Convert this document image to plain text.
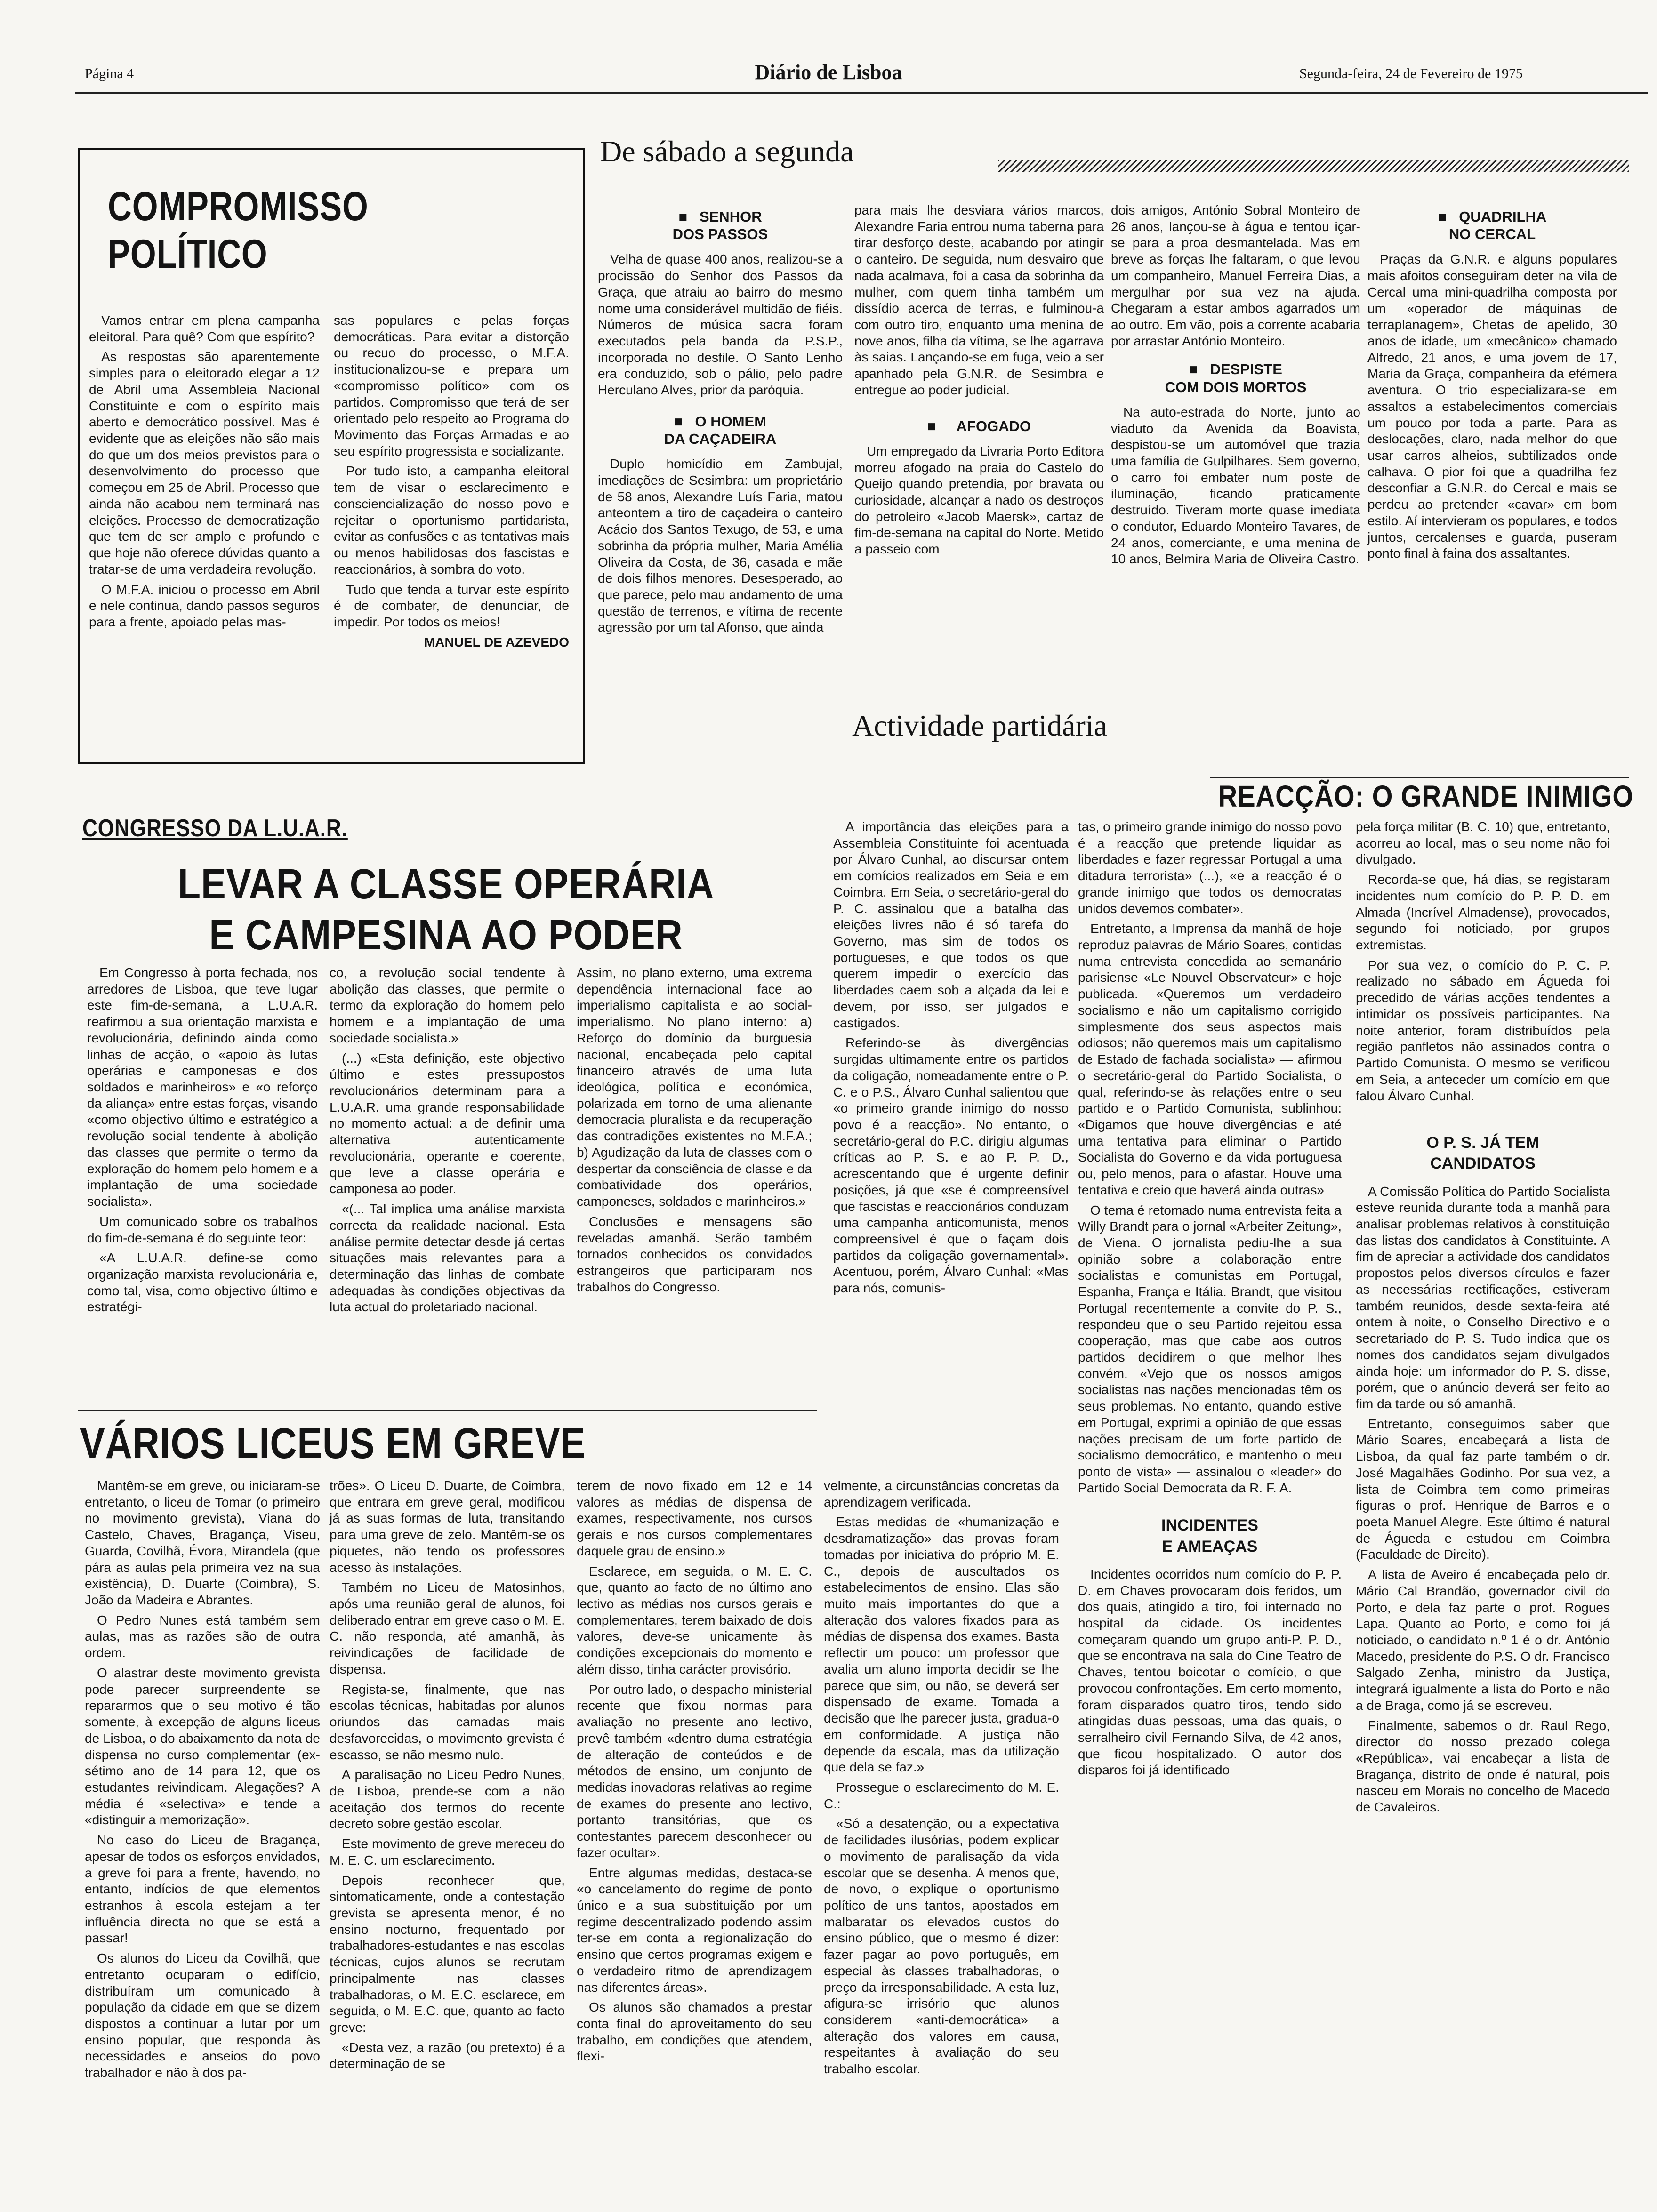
Página 4	Diário de Lisboa	Segunda-feira, 24 de Fevereiro de 1975
COMPROMISSO
POLÍTICO

Vamos entrar em plena campanha eleitoral. Para quê? Com que espírito?

As respostas são aparentemente simples para o eleitorado elegar a 12 de Abril uma Assembleia Nacional Constituinte e com o espírito mais aberto e democrático possível. Mas é evidente que as eleições não são mais do que um dos meios previstos para o desenvolvimento do processo que começou em 25 de Abril. Processo que ainda não acabou nem terminará nas eleições. Processo de democratização que tem de ser amplo e profundo e que hoje não oferece dúvidas quanto a tratar-se de uma verdadeira revolução.

O M.F.A. iniciou o processo em Abril e nele continua, dando passos seguros para a frente, apoiado pelas mas-

sas populares e pelas forças democráticas. Para evitar a distorção ou recuo do processo, o M.F.A. institucionalizou-se e prepara um «compromisso político» com os partidos. Compromisso que terá de ser orientado pelo respeito ao Programa do Movimento das Forças Armadas e ao seu espírito progressista e socializante.

Por tudo isto, a campanha eleitoral tem de visar o esclarecimento e consciencialização do nosso povo e rejeitar o oportunismo partidarista, evitar as confusões e as tentativas mais ou menos habilidosas dos fascistas e reaccionários, à sombra do voto.

Tudo que tenda a turvar este espírito é de combater, de denunciar, de impedir. Por todos os meios!

MANUEL DE AZEVEDO
De sábado a segunda
■   SENHOR
DOS PASSOS

Velha de quase 400 anos, realizou-se a procissão do Senhor dos Passos da Graça, que atraiu ao bairro do mesmo nome uma considerável multidão de fiéis. Números de música sacra foram executados pela banda da P.S.P., incorporada no desfile. O Santo Lenho era conduzido, sob o pálio, pelo padre Herculano Alves, prior da paróquia.

■   O HOMEM
DA CAÇADEIRA

Duplo homicídio em Zambujal, imediações de Sesimbra: um proprietário de 58 anos, Alexandre Luís Faria, matou anteontem a tiro de caçadeira o canteiro Acácio dos Santos Texugo, de 53, e uma sobrinha da própria mulher, Maria Amélia Oliveira da Costa, de 36, casada e mãe de dois filhos menores. Desesperado, ao que parece, pelo mau andamento de uma questão de terrenos, e vítima de recente agressão por um tal Afonso, que ainda

para mais lhe desviara vários marcos, Alexandre Faria entrou numa taberna para tirar desforço deste, acabando por atingir o canteiro. De seguida, num desvairo que nada acalmava, foi a casa da sobrinha da mulher, com quem tinha também um dissídio acerca de terras, e fulminou-a com outro tiro, enquanto uma menina de nove anos, filha da vítima, se lhe agarrava às saias. Lançando-se em fuga, veio a ser apanhado pela G.N.R. de Sesimbra e entregue ao poder judicial.

■     AFOGADO

Um empregado da Livraria Porto Editora morreu afogado na praia do Castelo do Queijo quando pretendia, por bravata ou curiosidade, alcançar a nado os destroços do petroleiro «Jacob Maersk», cartaz de fim-de-semana na capital do Norte. Metido a passeio com

dois amigos, António Sobral Monteiro de 26 anos, lançou-se à água e tentou içar-se para a proa desmantelada. Mas em breve as forças lhe faltaram, o que levou um companheiro, Manuel Ferreira Dias, a mergulhar por sua vez na ajuda. Chegaram a estar ambos agarrados um ao outro. Em vão, pois a corrente acabaria por arrastar António Monteiro.

■   DESPISTE
COM DOIS MORTOS

Na auto-estrada do Norte, junto ao viaduto da Avenida da Boavista, despistou-se um automóvel que trazia uma família de Gulpilhares. Sem governo, o carro foi embater num poste de iluminação, ficando praticamente destruído. Tiveram morte quase imediata o condutor, Eduardo Monteiro Tavares, de 24 anos, comerciante, e uma menina de 10 anos, Belmira Maria de Oliveira Castro.

■   QUADRILHA
NO CERCAL

Praças da G.N.R. e alguns populares mais afoitos conseguiram deter na vila de Cercal uma mini-quadrilha composta por um «operador de máquinas de terraplanagem», Chetas de apelido, 30 anos de idade, um «mecânico» chamado Alfredo, 21 anos, e uma jovem de 17, Maria da Graça, companheira da efémera aventura. O trio especializara-se em assaltos a estabelecimentos comerciais um pouco por toda a parte. Para as deslocações, claro, nada melhor do que usar carros alheios, subtilizados onde calhava. O pior foi que a quadrilha fez desconfiar a G.N.R. do Cercal e mais se perdeu ao pretender «cavar» em bom estilo. Aí intervieram os populares, e todos juntos, cercalenses e guarda, puseram ponto final à faina dos assaltantes.

CONGRESSO DA L.U.A.R.
LEVAR A CLASSE OPERÁRIA
E CAMPESINA AO PODER

Em Congresso à porta fechada, nos arredores de Lisboa, que teve lugar este fim-de-semana, a L.U.A.R. reafirmou a sua orientação marxista e revolucionária, definindo ainda como linhas de acção, o «apoio às lutas operárias e camponesas e dos soldados e marinheiros» e «o reforço da aliança» entre estas forças, visando «como objectivo último e estratégico a revolução social tendente à abolição das classes que permite o termo da exploração do homem pelo homem e a implantação de uma sociedade socialista».

Um comunicado sobre os trabalhos do fim-de-semana é do seguinte teor:

«A L.U.A.R. define-se como organização marxista revolucionária e, como tal, visa, como objectivo último e estratégi-

co, a revolução social tendente à abolição das classes, que permite o termo da exploração do homem pelo homem e a implantação de uma sociedade socialista.»

(...) «Esta definição, este objectivo último e estes pressupostos revolucionários determinam para a L.U.A.R. uma grande responsabilidade no momento actual: a de definir uma alternativa autenticamente revolucionária, operante e coerente, que leve a classe operária e camponesa ao poder.

«(... Tal implica uma análise marxista correcta da realidade nacional. Esta análise permite detectar desde já certas situações mais relevantes para a determinação das linhas de combate adequadas às condições objectivas da luta actual do proletariado nacional.

Assim, no plano externo, uma extrema dependência internacional face ao imperialismo capitalista e ao social-imperialismo. No plano interno: a) Reforço do domínio da burguesia nacional, encabeçada pelo capital financeiro através de uma luta ideológica, política e económica, polarizada em torno de uma alienante democracia pluralista e da recuperação das contradições existentes no M.F.A.; b) Agudização da luta de classes com o despertar da consciência de classe e da combatividade dos operários, camponeses, soldados e marinheiros.»

Conclusões e mensagens são reveladas amanhã. Serão também tornados conhecidos os convidados estrangeiros que participaram nos trabalhos do Congresso.

VÁRIOS LICEUS EM GREVE

Mantêm-se em greve, ou iniciaram-se entretanto, o liceu de Tomar (o primeiro no movimento grevista), Viana do Castelo, Chaves, Bragança, Viseu, Guarda, Covilhã, Évora, Mirandela (que pára as aulas pela primeira vez na sua existência), D. Duarte (Coimbra), S. João da Madeira e Abrantes.

O Pedro Nunes está também sem aulas, mas as razões são de outra ordem.

O alastrar deste movimento grevista pode parecer surpreendente se repararmos que o seu motivo é tão somente, à excepção de alguns liceus de Lisboa, o do abaixamento da nota de dispensa no curso complementar (ex-sétimo ano de 14 para 12, que os estudantes reivindicam. Alegações? A média é «selectiva» e tende a «distinguir a memorização».

No caso do Liceu de Bragança, apesar de todos os esforços envidados, a greve foi para a frente, havendo, no entanto, indícios de que elementos estranhos à escola estejam a ter influência directa no que se está a passar!

Os alunos do Liceu da Covilhã, que entretanto ocuparam o edifício, distribuíram um comunicado à população da cidade em que se dizem dispostos a continuar a lutar por um ensino popular, que responda às necessidades e anseios do povo trabalhador e não à dos pa-

trões». O Liceu D. Duarte, de Coimbra, que entrara em greve geral, modificou já as suas formas de luta, transitando para uma greve de zelo. Mantêm-se os piquetes, não tendo os professores acesso às instalações.

Também no Liceu de Matosinhos, após uma reunião geral de alunos, foi deliberado entrar em greve caso o M. E. C. não responda, até amanhã, às reivindicações de facilidade de dispensa.

Regista-se, finalmente, que nas escolas técnicas, habitadas por alunos oriundos das camadas mais desfavorecidas, o movimento grevista é escasso, se não mesmo nulo.

A paralisação no Liceu Pedro Nunes, de Lisboa, prende-se com a não aceitação dos termos do recente decreto sobre gestão escolar.

Este movimento de greve mereceu do M. E. C. um esclarecimento.

Depois reconhecer que, sintomaticamente, onde a contestação grevista se apresenta menor, é no ensino nocturno, frequentado por trabalhadores-estudantes e nas escolas técnicas, cujos alunos se recrutam principalmente nas classes trabalhadoras, o M. E.C. esclarece, em seguida, o M. E.C. que, quanto ao facto greve:

«Desta vez, a razão (ou pretexto) é a determinação de se

terem de novo fixado em 12 e 14 valores as médias de dispensa de exames, respectivamente, nos cursos gerais e nos cursos complementares daquele grau de ensino.»

Esclarece, em seguida, o M. E. C. que, quanto ao facto de no último ano lectivo as médias nos cursos gerais e complementares, terem baixado de dois valores, deve-se unicamente às condições excepcionais do momento e além disso, tinha carácter provisório.

Por outro lado, o despacho ministerial recente que fixou normas para avaliação no presente ano lectivo, prevê também «dentro duma estratégia de alteração de conteúdos e de métodos de ensino, um conjunto de medidas inovadoras relativas ao regime de exames do presente ano lectivo, portanto transitórias, que os contestantes parecem desconhecer ou fazer ocultar».

Entre algumas medidas, destaca-se «o cancelamento do regime de ponto único e a sua substituição por um regime descentralizado podendo assim ter-se em conta a regionalização do ensino que certos programas exigem e o verdadeiro ritmo de aprendizagem nas diferentes áreas».

Os alunos são chamados a prestar conta final do aproveitamento do seu trabalho, em condições que atendem, flexi-

velmente, a circunstâncias concretas da aprendizagem verificada.

Estas medidas de «humanização e desdramatização» das provas foram tomadas por iniciativa do próprio M. E. C., depois de auscultados os estabelecimentos de ensino. Elas são muito mais importantes do que a alteração dos valores fixados para as médias de dispensa dos exames. Basta reflectir um pouco: um professor que avalia um aluno importa decidir se lhe parece que sim, ou não, se deverá ser dispensado de exame. Tomada a decisão que lhe parecer justa, gradua-o em conformidade. A justiça não depende da escala, mas da utilização que dela se faz.»

Prossegue o esclarecimento do M. E. C.:

«Só a desatenção, ou a expectativa de facilidades ilusórias, podem explicar o movimento de paralisação da vida escolar que se desenha. A menos que, de novo, o explique o oportunismo político de uns tantos, apostados em malbaratar os elevados custos do ensino público, que o mesmo é dizer: fazer pagar ao povo português, em especial às classes trabalhadoras, o preço da irresponsabilidade. A esta luz, afigura-se irrisório que alunos considerem «anti-democrática» a alteração dos valores em causa, respeitantes à avaliação do seu trabalho escolar.

Actividade partidária
REACÇÃO: O GRANDE INIMIGO

A importância das eleições para a Assembleia Constituinte foi acentuada por Álvaro Cunhal, ao discursar ontem em comícios realizados em Seia e em Coimbra. Em Seia, o secretário-geral do P. C. assinalou que a batalha das eleições livres não é só tarefa do Governo, mas sim de todos os portugueses, e que todos os que querem impedir o exercício das liberdades caem sob a alçada da lei e devem, por isso, ser julgados e castigados.

Referindo-se às divergências surgidas ultimamente entre os partidos da coligação, nomeadamente entre o P. C. e o P.S., Álvaro Cunhal salientou que «o primeiro grande inimigo do nosso povo é a reacção». No entanto, o secretário-geral do P.C. dirigiu algumas críticas ao P. S. e ao P. P. D., acrescentando que é urgente definir posições, já que «se é compreensível que fascistas e reaccionários conduzam uma campanha anticomunista, menos compreensível é que o façam dois partidos da coligação governamental». Acentuou, porém, Álvaro Cunhal: «Mas para nós, comunis-

tas, o primeiro grande inimigo do nosso povo é a reacção que pretende liquidar as liberdades e fazer regressar Portugal a uma ditadura terrorista» (...), «e a reacção é o grande inimigo que todos os democratas unidos devemos combater».

Entretanto, a Imprensa da manhã de hoje reproduz palavras de Mário Soares, contidas numa entrevista concedida ao semanário parisiense «Le Nouvel Observateur» e hoje publicada. «Queremos um verdadeiro socialismo e não um capitalismo corrigido simplesmente dos seus aspectos mais odiosos; não queremos mais um capitalismo de Estado de fachada socialista» — afirmou o secretário-geral do Partido Socialista, o qual, referindo-se às relações entre o seu partido e o Partido Comunista, sublinhou: «Digamos que houve divergências e até uma tentativa para eliminar o Partido Socialista do Governo e da vida portuguesa ou, pelo menos, para o afastar. Houve uma tentativa e creio que haverá ainda outras»

O tema é retomado numa entrevista feita a Willy Brandt para o jornal «Arbeiter Zeitung», de Viena. O jornalista pediu-lhe a sua opinião sobre a colaboração entre socialistas e comunistas em Portugal, Espanha, França e Itália. Brandt, que visitou Portugal recentemente a convite do P. S., respondeu que o seu Partido rejeitou essa cooperação, mas que cabe aos outros partidos decidirem o que melhor lhes convém. «Vejo que os nossos amigos socialistas nas nações mencionadas têm os seus problemas. No entanto, quando estive em Portugal, exprimi a opinião de que essas nações precisam de um forte partido de socialismo democrático, e mantenho o meu ponto de vista» — assinalou o «leader» do Partido Social Democrata da R. F. A.

INCIDENTES
E AMEAÇAS

Incidentes ocorridos num comício do P. P. D. em Chaves provocaram dois feridos, um dos quais, atingido a tiro, foi internado no hospital da cidade. Os incidentes começaram quando um grupo anti-P. P. D., que se encontrava na sala do Cine Teatro de Chaves, tentou boicotar o comício, o que provocou confrontações. Em certo momento, foram disparados quatro tiros, tendo sido atingidas duas pessoas, uma das quais, o serralheiro civil Fernando Silva, de 42 anos, que ficou hospitalizado. O autor dos disparos foi já identificado

pela força militar (B. C. 10) que, entretanto, acorreu ao local, mas o seu nome não foi divulgado.

Recorda-se que, há dias, se registaram incidentes num comício do P. P. D. em Almada (Incrível Almadense), provocados, segundo foi noticiado, por grupos extremistas.

Por sua vez, o comício do P. C. P. realizado no sábado em Águeda foi precedido de várias acções tendentes a intimidar os possíveis participantes. Na noite anterior, foram distribuídos pela região panfletos não assinados contra o Partido Comunista. O mesmo se verificou em Seia, a anteceder um comício em que falou Álvaro Cunhal.

O P. S. JÁ TEM
CANDIDATOS

A Comissão Política do Partido Socialista esteve reunida durante toda a manhã para analisar problemas relativos à constituição das listas dos candidatos à Constituinte. A fim de apreciar a actividade dos candidatos propostos pelos diversos círculos e fazer as necessárias rectificações, estiveram também reunidos, desde sexta-feira até ontem à noite, o Conselho Directivo e o secretariado do P. S. Tudo indica que os nomes dos candidatos sejam divulgados ainda hoje: um informador do P. S. disse, porém, que o anúncio deverá ser feito ao fim da tarde ou só amanhã.

Entretanto, conseguimos saber que Mário Soares, encabeçará a lista de Lisboa, da qual faz parte também o dr. José Magalhães Godinho. Por sua vez, a lista de Coimbra tem como primeiras figuras o prof. Henrique de Barros e o poeta Manuel Alegre. Este último é natural de Águeda e estudou em Coimbra (Faculdade de Direito).

A lista de Aveiro é encabeçada pelo dr. Mário Cal Brandão, governador civil do Porto, e dela faz parte o prof. Rogues Lapa. Quanto ao Porto, e como foi já noticiado, o candidato n.º 1 é o dr. António Macedo, presidente do P.S. O dr. Francisco Salgado Zenha, ministro da Justiça, integrará igualmente a lista do Porto e não a de Braga, como já se escreveu.

Finalmente, sabemos o dr. Raul Rego, director do nosso prezado colega «República», vai encabeçar a lista de Bragança, distrito de onde é natural, pois nasceu em Morais no concelho de Macedo de Cavaleiros.
